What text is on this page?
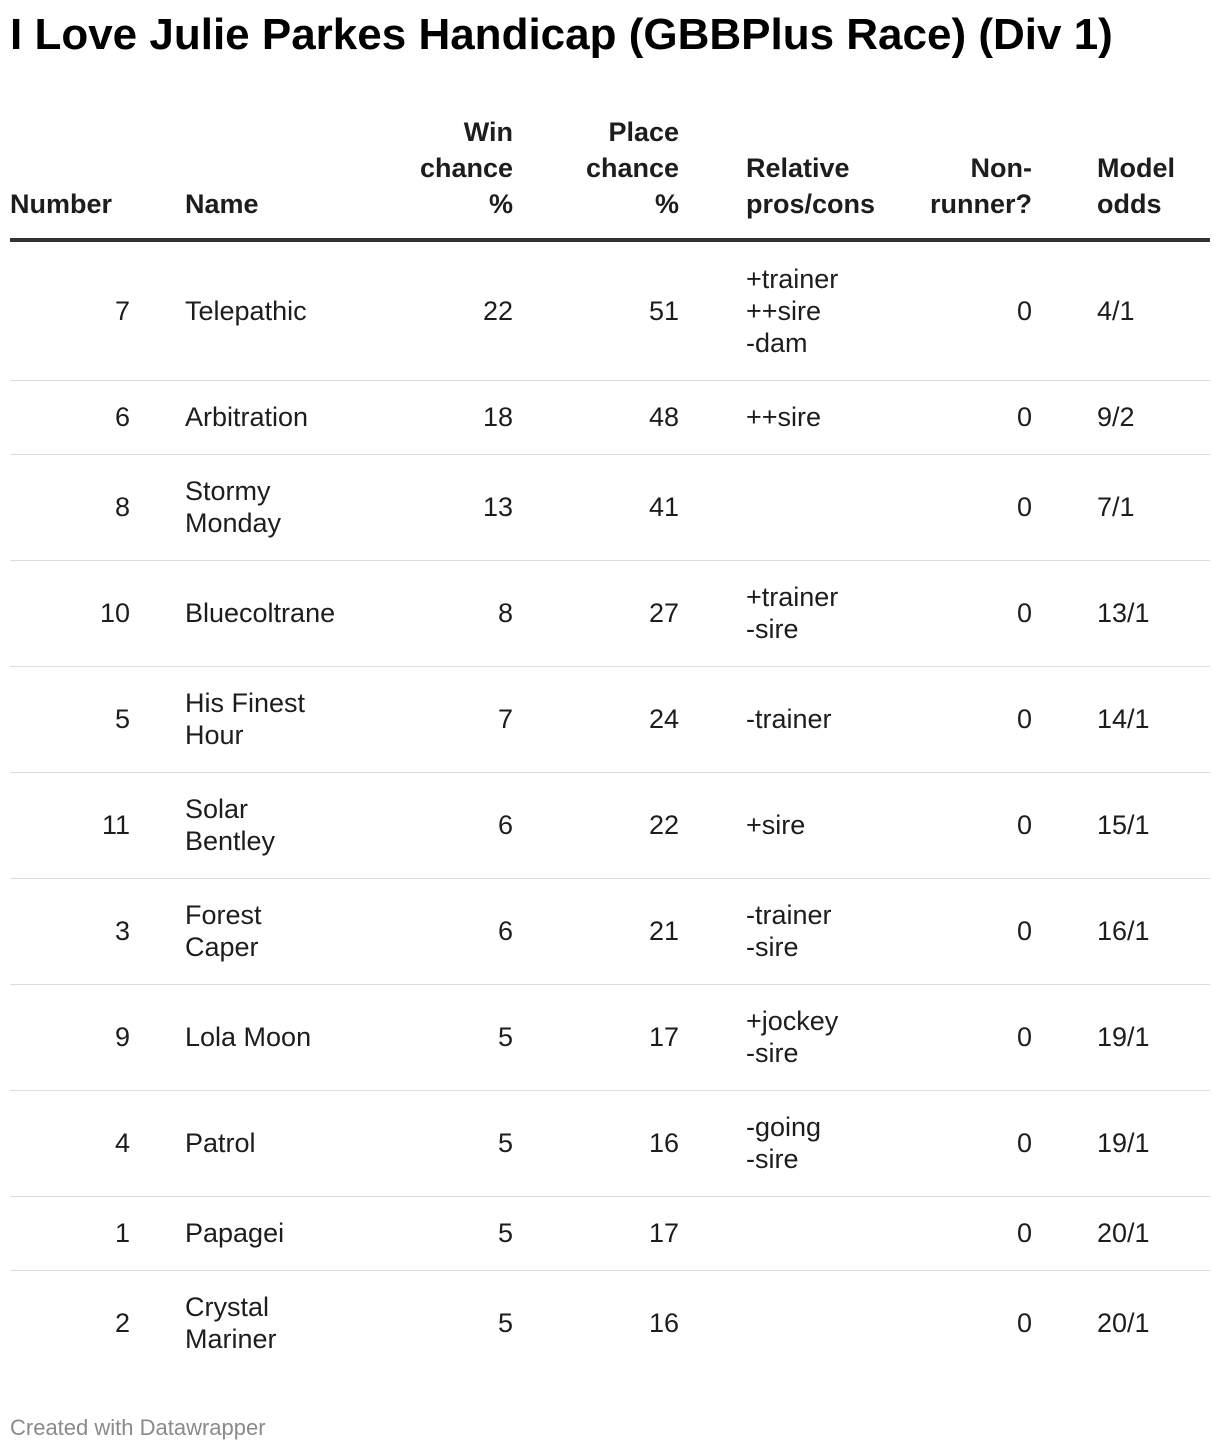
I Love Julie Parkes Handicap (GBBPlus Race) (Div 1)
Number	Name	Win
chance
%	Place
chance
%	Relative
pros/cons	Non-
runner?	Model
odds

7	Telepathic	22	51	+trainer
++sire
-dam	0	4/1

6	Arbitration	18	48	++sire	0	9/2

8	Stormy
Monday	13	41		0	7/1

10	Bluecoltrane	8	27	+trainer
-sire	0	13/1

5	His Finest
Hour	7	24	-trainer	0	14/1

11	Solar
Bentley	6	22	+sire	0	15/1

3	Forest
Caper	6	21	-trainer
-sire	0	16/1

9	Lola Moon	5	17	+jockey
-sire	0	19/1

4	Patrol	5	16	-going
-sire	0	19/1

1	Papagei	5	17		0	20/1

2	Crystal
Mariner	5	16		0	20/1
Created with Datawrapper
